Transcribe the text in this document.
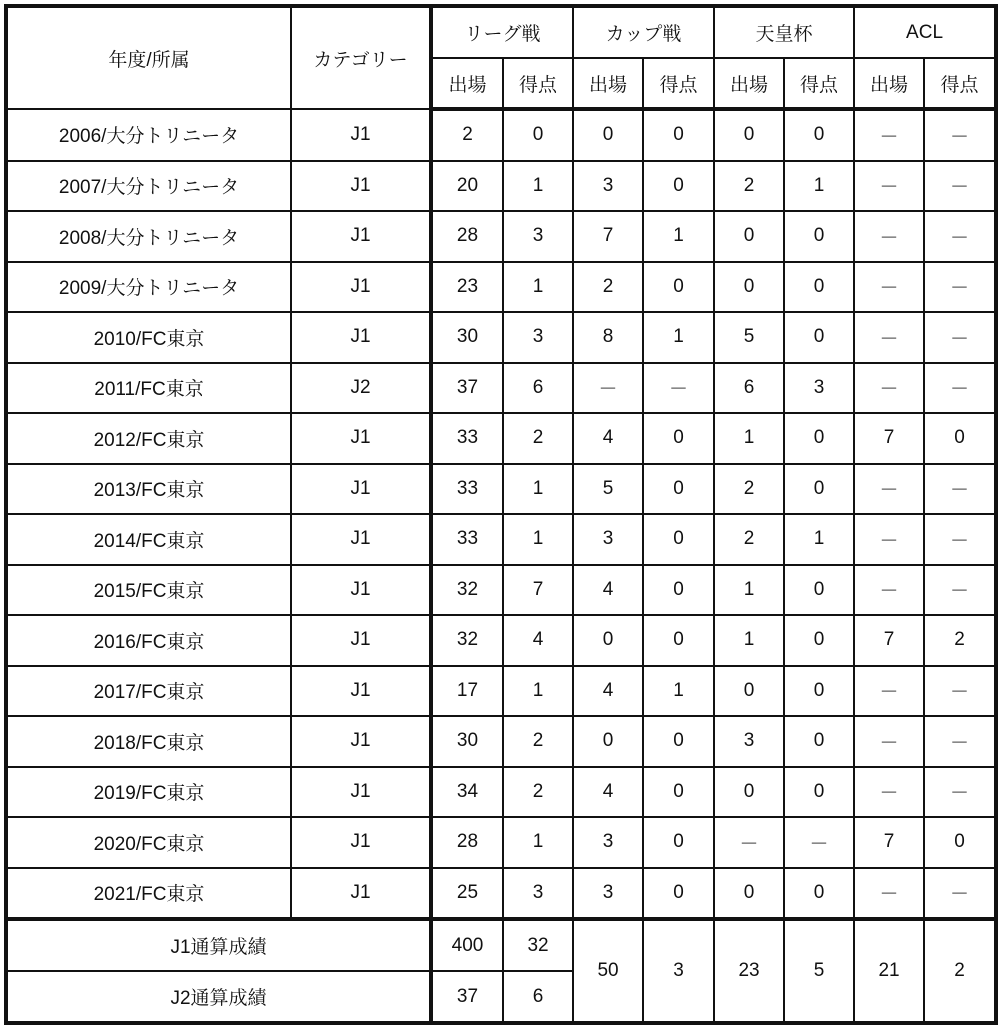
年度/所属	カテゴリー	リーグ戦		カップ戦		天皇杯		ACL	
		出場	得点	出場	得点	出場	得点	出場	得点
2006/大分トリニータ	J1	2	0	0	0	0	0	－	－
2007/大分トリニータ	J1	20	1	3	0	2	1	－	－
2008/大分トリニータ	J1	28	3	7	1	0	0	－	－
2009/大分トリニータ	J1	23	1	2	0	0	0	－	－
2010/FC東京	J1	30	3	8	1	5	0	－	－
2011/FC東京	J2	37	6	－	－	6	3	－	－
2012/FC東京	J1	33	2	4	0	1	0	7	0
2013/FC東京	J1	33	1	5	0	2	0	－	－
2014/FC東京	J1	33	1	3	0	2	1	－	－
2015/FC東京	J1	32	7	4	0	1	0	－	－
2016/FC東京	J1	32	4	0	0	1	0	7	2
2017/FC東京	J1	17	1	4	1	0	0	－	－
2018/FC東京	J1	30	2	0	0	3	0	－	－
2019/FC東京	J1	34	2	4	0	0	0	－	－
2020/FC東京	J1	28	1	3	0	－	－	7	0
2021/FC東京	J1	25	3	3	0	0	0	－	－
J1通算成績		400	32	50	3	23	5	21	2
J2通算成績		37	6						
